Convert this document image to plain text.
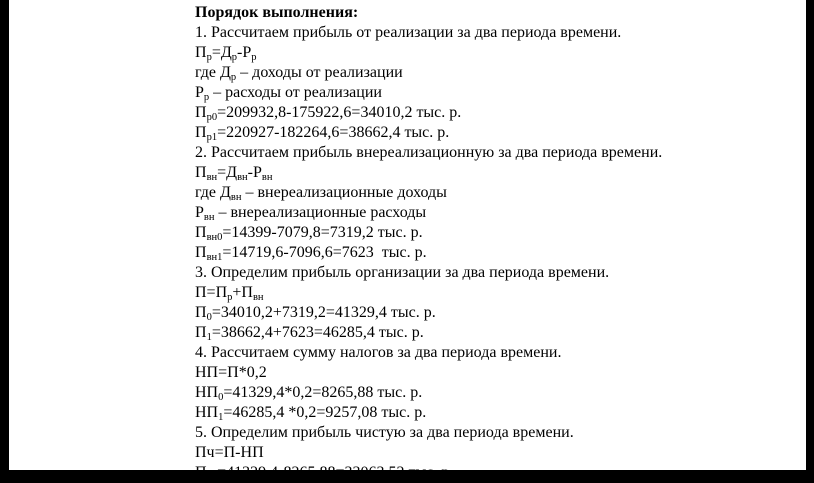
Порядок выполнения:
1. Рассчитаем прибыль от реализации за два периода времени.
$П_р=Д_р-Р_р$
где $Д_р$ – доходы от реализации
$Р_р$ – расходы от реализации
$П_{р0}=209932,8-175922,6=34010,2$ тыс. р.
$П_{р1}=220927-182264,6=38662,4$ тыс. р.
2. Рассчитаем прибыль внереализационную за два периода времени.
$П_{вн}=Д_{вн}-Р_{вн}$
где $Д_{вн}$ – внереализационные доходы
$Р_{вн}$ – внереализационные расходы
$П_{вн0}=14399-7079,8=7319,2$ тыс. р.
$П_{вн1}=14719,6-7096,6=7623$  тыс. р.
3. Определим прибыль организации за два периода времени.
$П=П_р+П_{вн}$
$П_0=34010,2+7319,2=41329,4$ тыс. р.
$П_1=38662,4+7623=46285,4$ тыс. р.
4. Рассчитаем сумму налогов за два периода времени.
НП=П*0,2
$НП_0=41329,4*0,2=8265,88$ тыс. р.
$НП_1=46285,4$ *0,2=9257,08 тыс. р.
5. Определим прибыль чистую за два периода времени.
Пч=П-НП
$П_{ч0}=41329,4-8265,88=33063,52$ тыс. р.
